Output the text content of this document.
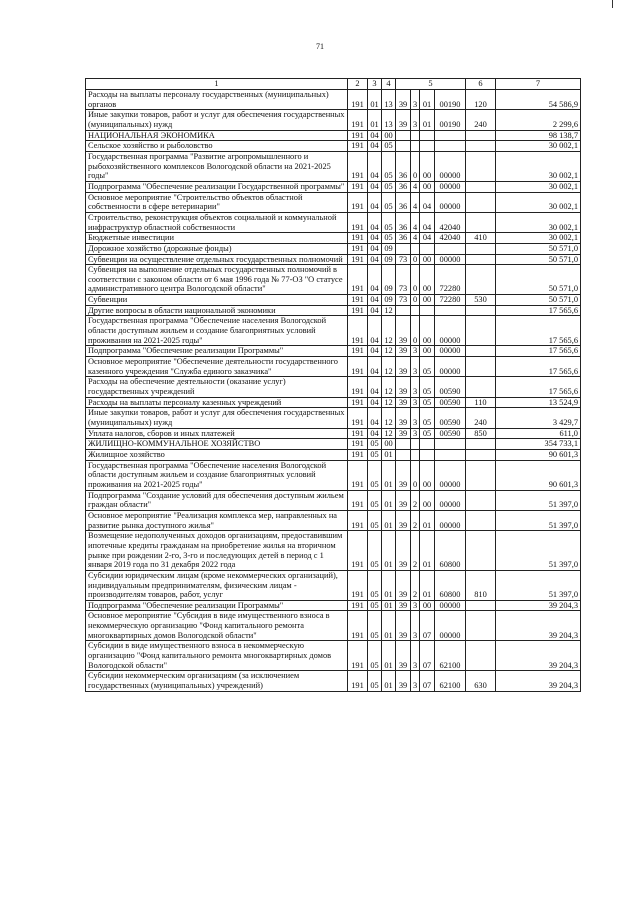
71
1	2	3	4	5				6	7
Расходы на выплаты персоналу государственных (муниципальных) органов	191	01	13	39	3	01	00190	120	54 586,9
Иные закупки товаров, работ и услуг для обеспечения государственных (муниципальных) нужд	191	01	13	39	3	01	00190	240	2 299,6
НАЦИОНАЛЬНАЯ ЭКОНОМИКА	191	04	00						98 138,7
Сельское хозяйство и рыболовство	191	04	05						30 002,1
Государственная программа "Развитие агропромышленного и рыбохозяйственного комплексов Вологодской области на 2021-2025 годы"	191	04	05	36	0	00	00000		30 002,1
Подпрограмма "Обеспечение реализации Государственной программы"	191	04	05	36	4	00	00000		30 002,1
Основное мероприятие "Строительство объектов областной собственности в сфере ветеринарии"	191	04	05	36	4	04	00000		30 002,1
Строительство, реконструкция объектов социальной и коммунальной инфраструктур областной собственности	191	04	05	36	4	04	42040		30 002,1
Бюджетные инвестиции	191	04	05	36	4	04	42040	410	30 002,1
Дорожное хозяйство (дорожные фонды)	191	04	09						50 571,0
Субвенции на осуществление отдельных государственных полномочий	191	04	09	73	0	00	00000		50 571,0
Субвенция на выполнение отдельных государственных полномочий в соответствии с законом области от 6 мая 1996 года № 77-ОЗ "О статусе административного центра Вологодской области"	191	04	09	73	0	00	72280		50 571,0
Субвенции	191	04	09	73	0	00	72280	530	50 571,0
Другие вопросы в области национальной экономики	191	04	12						17 565,6
Государственная программа "Обеспечение населения Вологодской области доступным жильем и создание благоприятных условий проживания на 2021-2025 годы"	191	04	12	39	0	00	00000		17 565,6
Подпрограмма "Обеспечение реализации Программы"	191	04	12	39	3	00	00000		17 565,6
Основное мероприятие "Обеспечение деятельности государственного казенного учреждения "Служба единого заказчика"	191	04	12	39	3	05	00000		17 565,6
Расходы на обеспечение деятельности (оказание услуг) государственных учреждений	191	04	12	39	3	05	00590		17 565,6
Расходы на выплаты персоналу казенных учреждений	191	04	12	39	3	05	00590	110	13 524,9
Иные закупки товаров, работ и услуг для обеспечения государственных (муниципальных) нужд	191	04	12	39	3	05	00590	240	3 429,7
Уплата налогов, сборов и иных платежей	191	04	12	39	3	05	00590	850	611,0
ЖИЛИЩНО-КОММУНАЛЬНОЕ ХОЗЯЙСТВО	191	05	00						354 733,1
Жилищное хозяйство	191	05	01						90 601,3
Государственная программа "Обеспечение населения Вологодской области доступным жильем и создание благоприятных условий проживания на 2021-2025 годы"	191	05	01	39	0	00	00000		90 601,3
Подпрограмма "Создание условий для обеспечения доступным жильем граждан области"	191	05	01	39	2	00	00000		51 397,0
Основное мероприятие "Реализация комплекса мер, направленных на развитие рынка доступного жилья"	191	05	01	39	2	01	00000		51 397,0
Возмещение недополученных доходов организациям, предоставившим ипотечные кредиты гражданам на приобретение жилья на вторичном рынке при рождении 2-го, 3-го и последующих детей в период с 1 января 2019 года по 31 декабря 2022 года	191	05	01	39	2	01	60800		51 397,0
Субсидии юридическим лицам (кроме некоммерческих организаций), индивидуальным предпринимателям, физическим лицам - производителям товаров, работ, услуг	191	05	01	39	2	01	60800	810	51 397,0
Подпрограмма "Обеспечение реализации Программы"	191	05	01	39	3	00	00000		39 204,3
Основное мероприятие "Субсидия в виде имущественного взноса в некоммерческую организацию "Фонд капитального ремонта многоквартирных домов Вологодской области"	191	05	01	39	3	07	00000		39 204,3
Субсидии в виде имущественного взноса в некоммерческую организацию "Фонд капитального ремонта многоквартирных домов Вологодской области"	191	05	01	39	3	07	62100		39 204,3
Субсидии некоммерческим организациям (за исключением государственных (муниципальных) учреждений)	191	05	01	39	3	07	62100	630	39 204,3
